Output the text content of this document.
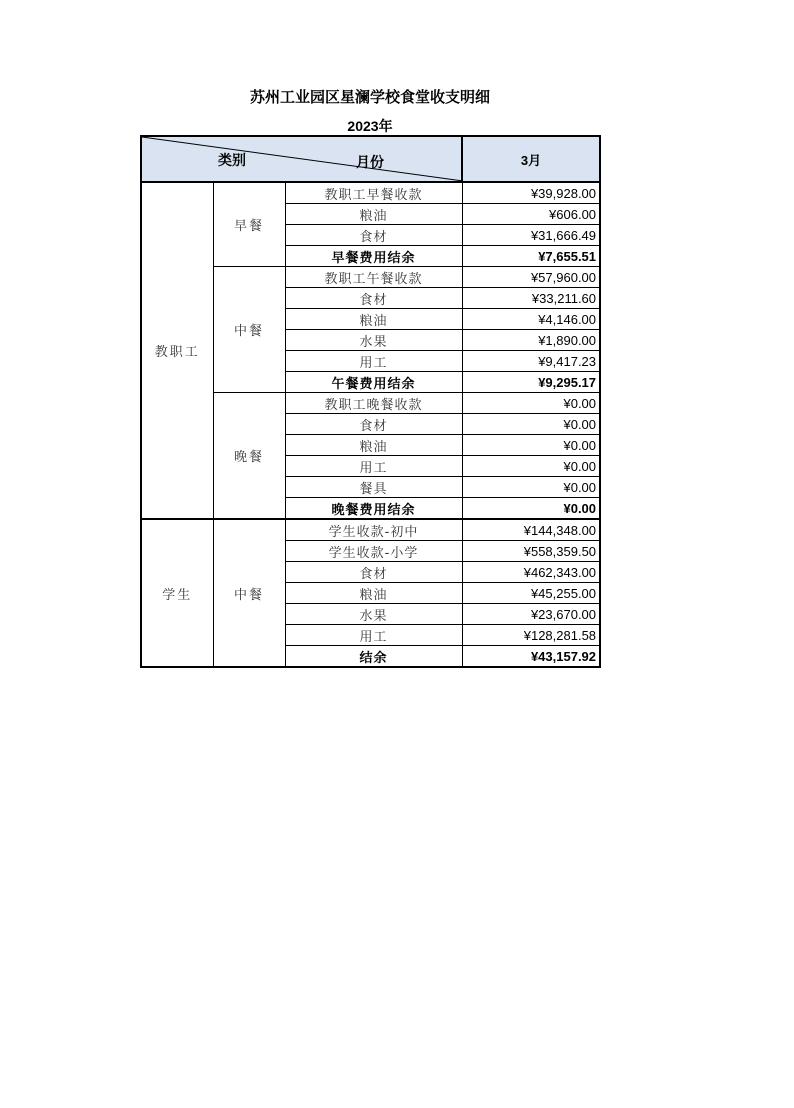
苏州工业园区星澜学校食堂收支明细
2023年
类别 月份			3月
教职工	早餐	教职工早餐收款	¥39,928.00
		粮油	¥606.00
		食材	¥31,666.49
		早餐费用结余	¥7,655.51
	中餐	教职工午餐收款	¥57,960.00
		食材	¥33,211.60
		粮油	¥4,146.00
		水果	¥1,890.00
		用工	¥9,417.23
		午餐费用结余	¥9,295.17
	晚餐	教职工晚餐收款	¥0.00
		食材	¥0.00
		粮油	¥0.00
		用工	¥0.00
		餐具	¥0.00
		晚餐费用结余	¥0.00
学生	中餐	学生收款-初中	¥144,348.00
		学生收款-小学	¥558,359.50
		食材	¥462,343.00
		粮油	¥45,255.00
		水果	¥23,670.00
		用工	¥128,281.58
		结余	¥43,157.92
